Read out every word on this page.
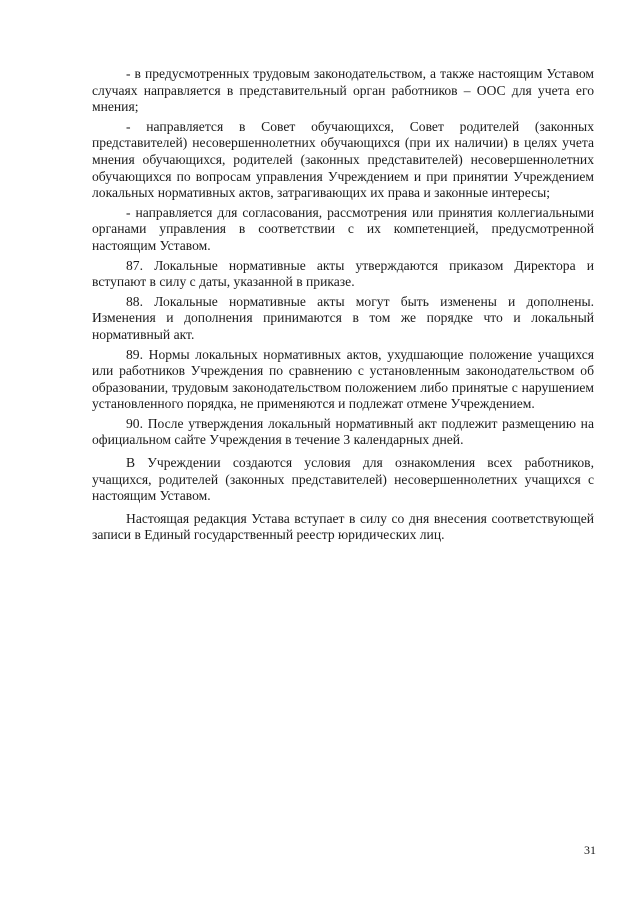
- в предусмотренных трудовым законодательством, а также настоящим Уставом случаях направляется в представительный орган работников – ООС для учета его мнения;

- направляется в Совет обучающихся, Совет родителей (законных представителей) несовершеннолетних обучающихся (при их наличии) в целях учета мнения обучающихся, родителей (законных представителей) несовершеннолетних обучающихся по вопросам управления Учреждением и при принятии Учреждением локальных нормативных актов, затрагивающих их права и законные интересы;

- направляется для согласования, рассмотрения или принятия коллегиальными органами управления в соответствии с их компетенцией, предусмотренной настоящим Уставом.

87. Локальные нормативные акты утверждаются приказом Директора и вступают в силу с даты, указанной в приказе.

88. Локальные нормативные акты могут быть изменены и дополнены. Изменения и дополнения принимаются в том же порядке что и локальный нормативный акт.

89. Нормы локальных нормативных актов, ухудшающие положение учащихся или работников Учреждения по сравнению с установленным законодательством об образовании, трудовым законодательством положением либо принятые с нарушением установленного порядка, не применяются и подлежат отмене Учреждением.

90. После утверждения локальный нормативный акт подлежит размещению на официальном сайте Учреждения в течение 3 календарных дней.

В Учреждении создаются условия для ознакомления всех работников, учащихся, родителей (законных представителей) несовершеннолетних учащихся с настоящим Уставом.

Настоящая редакция Устава вступает в силу со дня внесения соответствующей записи в Единый государственный реестр юридических лиц.

31
